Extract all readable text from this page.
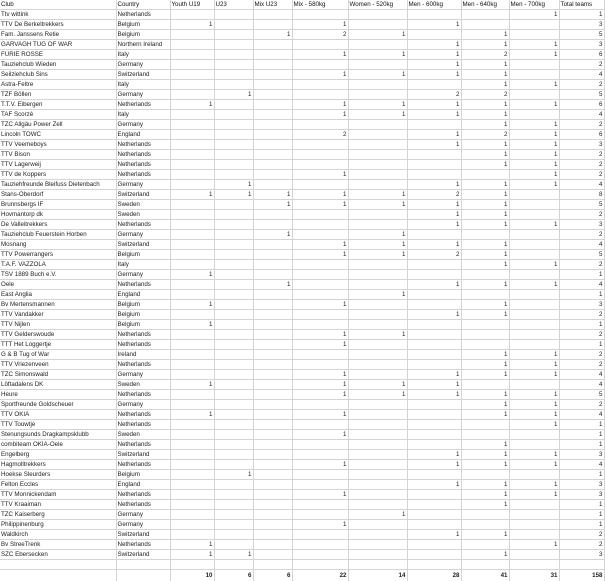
Club	Country	Youth U19	U23	Mix U23	Mix - 580kg	Women - 520kg	Men - 600kg	Men - 640kg	Men - 700kg	Total teams
Ttv wittink	Netherlands								1	1
TTV De Berkeltrekkers	Belgium	1			1		1			3
Fam. Janssens Retie	Belgium			1	2	1		1		5
GARVAGH TUG OF WAR	Northern Ireland						1	1	1	3
FURIE ROSSE	Italy				1	1	1	2	1	6
Tauziehclub Wieden	Germany						1	1		2
Seilziehclub Sins	Switzerland				1	1	1	1		4
Astra-Feltre	Italy							1	1	2
TZF Böllen	Germany		1				2	2		5
T.T.V. Eibergen	Netherlands	1			1	1	1	1	1	6
TAF Scorzè	Italy				1	1	1	1		4
TZC Allgäu Power Zell	Germany							1	1	2
Lincoln TOWC	England				2		1	2	1	6
TTV Veemeboys	Netherlands						1	1	1	3
TTV Bison	Netherlands							1	1	2
TTV Lagerweij	Netherlands							1	1	2
TTV de Koppers	Netherlands				1				1	2
Tauziehfreunde Bleifuss Dietenbach	Germany		1				1	1	1	4
Stans-Oberdorf	Switzerland	1	1	1	1	1	2	1		8
Brunnsbergs IF	Sweden			1	1	1	1	1		5
Hovmantorp dk	Sweden						1	1		2
De Valleitrekkers	Netherlands						1	1	1	3
Tauziehclub Feuerstein Horben	Germany			1		1				2
Mosnang	Switzerland				1	1	1	1		4
TTV Powerrangers	Belgium				1	1	2	1		5
T.A.F. VAZZOLA	Italy							1	1	2
TSV 1889 Buch e.V.	Germany	1								1
Oele	Netherlands			1			1	1	1	4
East Anglia	England					1				1
Bv Mertensmannen	Belgium	1			1			1		3
TTV Vandakker	Belgium						1	1		2
TTV Nijlen	Belgium	1								1
TTV Gelderswoude	Netherlands				1	1				2
TTT Het Loggertje	Netherlands				1					1
G & B Tug of War	Ireland							1	1	2
TTV Vriezenveen	Netherlands							1	1	2
TZC Simonswald	Germany				1		1	1	1	4
Löftadalens DK	Sweden	1			1	1	1			4
Heure	Netherlands				1	1	1	1	1	5
Sportfreunde Goldscheuer	Germany							1	1	2
TTV OKIA	Netherlands	1			1			1	1	4
TTV Touwtje	Netherlands								1	1
Stenungsunds Dragkampsklubb	Sweden				1					1
combiteam OKIA-Oele	Netherlands							1		1
Engelberg	Switzerland						1	1	1	3
Hagmolltrekkers	Netherlands				1		1	1	1	4
Hoekse Sleurders	Belgium		1							1
Felton Eccles	England						1	1	1	3
TTV Monnickendam	Netherlands				1			1	1	3
TTV Kraaiman	Netherlands							1		1
TZC Kaiserberg	Germany					1				1
Philippinenburg	Germany				1					1
Waldkirch	Switzerland						1	1		2
Bv StreeTrenk	Netherlands	1							1	2
SZC Ebersecken	Switzerland	1	1					1		3

		10	6	6	22	14	28	41	31	158
